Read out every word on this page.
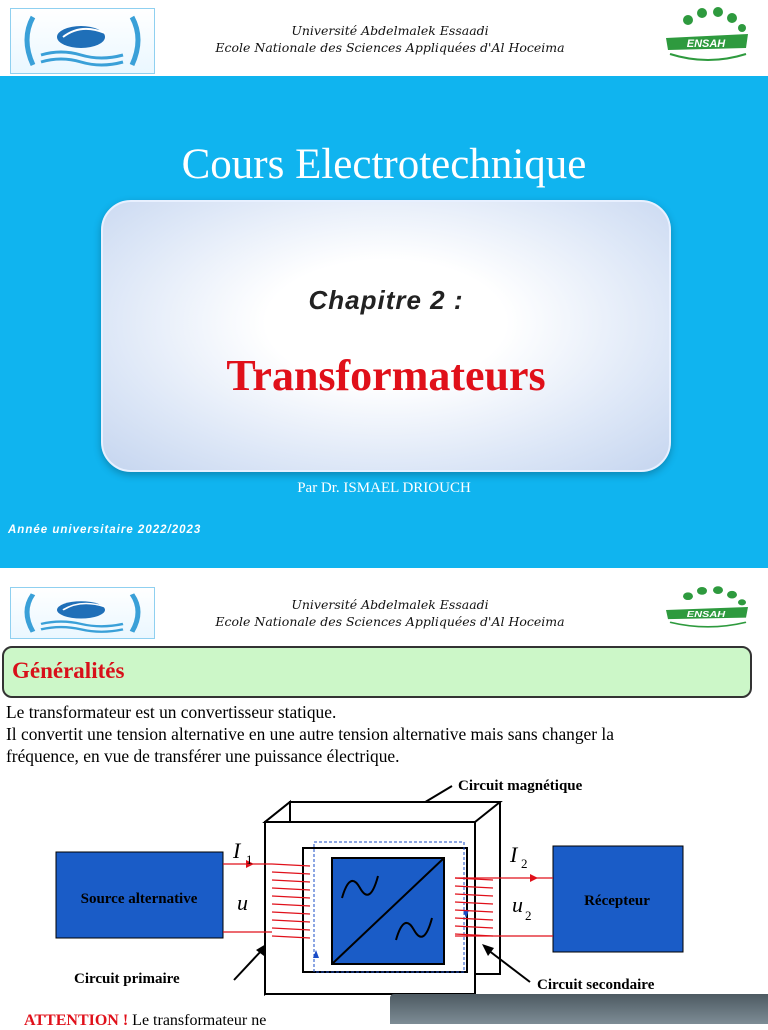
Université Abdelmalek Essaadi
Ecole Nationale des Sciences Appliquées d'Al Hoceima	ENSAH
Cours Electrotechnique
Chapitre 2 :
Transformateurs
Par Dr. ISMAEL DRIOUCH
Année universitaire 2022/2023
Université Abdelmalek Essaadi
Ecole Nationale des Sciences Appliquées d'Al Hoceima	ENSAH
Généralités
Le transformateur est un convertisseur statique.
Il convertit une tension alternative en une autre tension alternative mais sans changer la
fréquence, en vue de transférer une puissance électrique.
Circuit magnétique
Source alternative	Récepteur
I 1
u
I 2
u 2
Circuit primaire	Circuit secondaire
ATTENTION ! Le transformateur ne
